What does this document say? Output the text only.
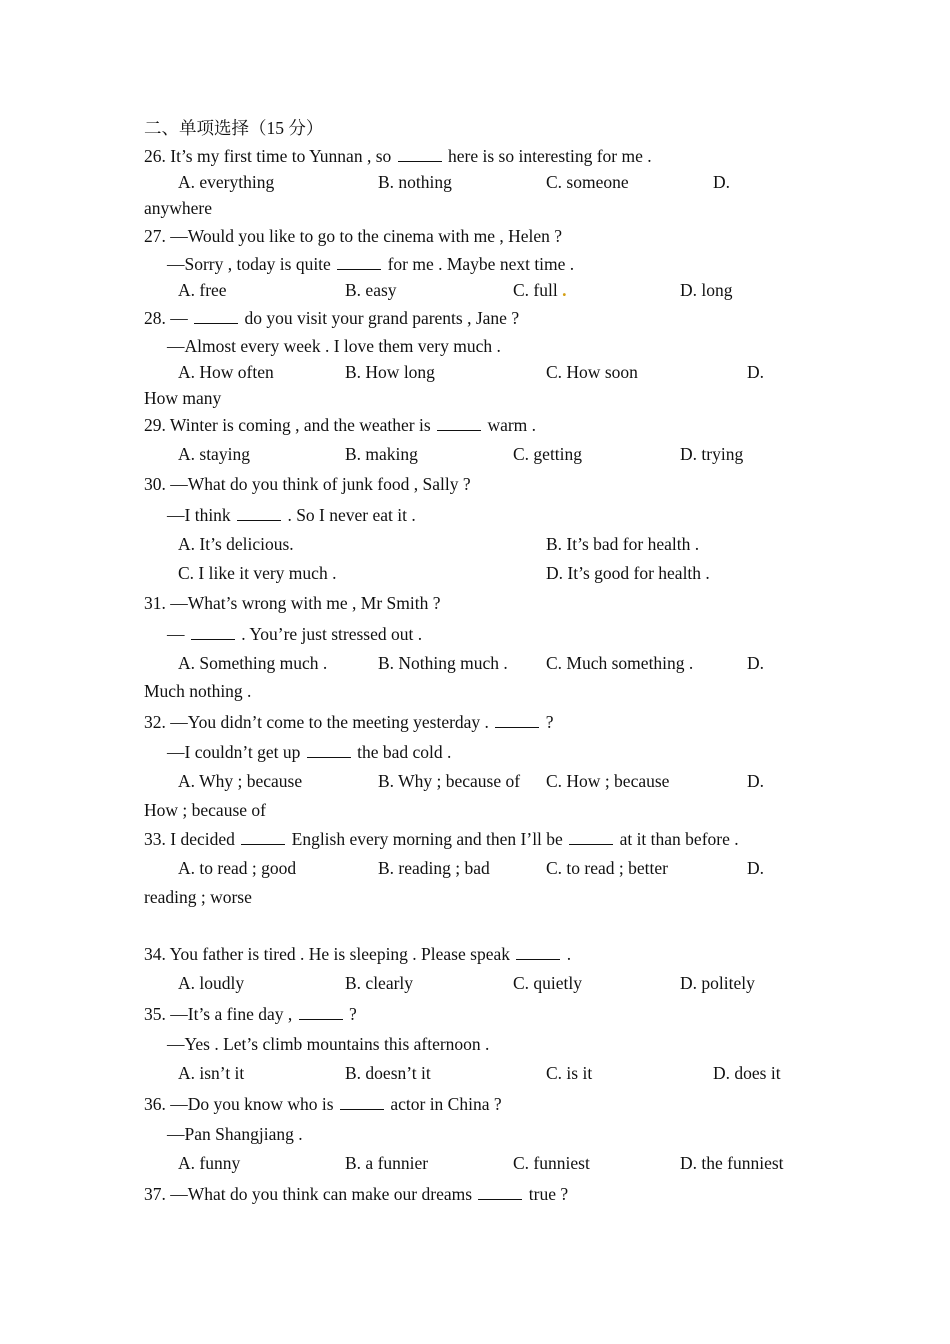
二、单项选择（15 分）
26. It’s my first time to Yunnan , so	here is so interesting for me .
A. everything	B. nothing	C. someone	D.
anywhere
27. —Would you like to go to the cinema with me , Helen ?
—Sorry , today is quite	for me . Maybe next time .
A. free	B. easy	C. full .	D. long
28. —	do you visit your grand parents , Jane ?
—Almost every week . I love them very much .
A. How often	B. How long	C. How soon	D.
How many
29. Winter is coming , and the weather is	warm .
A. staying	B. making	C. getting	D. trying
30. —What do you think of junk food , Sally ?
—I think	. So I never eat it .
A. It’s delicious.	B. It’s bad for health .
C. I like it very much .	D. It’s good for health .
31. —What’s wrong with me , Mr Smith ?
—	. You’re just stressed out .
A. Something much .	B. Nothing much . C. Much something .	D.
Much nothing .
32. —You didn’t come to the meeting yesterday .	?
—I couldn’t get up	the bad cold .
A. Why ; because	B. Why ; because of C. How ; because	D.
How ; because of
33. I decided	English every morning and then I’ll be	at it than before .
A. to read ; good	B. reading ; bad	C. to read ; better	D.
reading ; worse
34. You father is tired . He is sleeping . Please speak	.
A. loudly	B. clearly	C. quietly	D. politely
35. —It’s a fine day ,	?
—Yes . Let’s climb mountains this afternoon .
A. isn’t it	B. doesn’t it	C. is it	D. does it
36. —Do you know who is	actor in China ?
—Pan Shangjiang .
A. funny	B. a funnier	C. funniest	D. the funniest
37. —What do you think can make our dreams	true ?
